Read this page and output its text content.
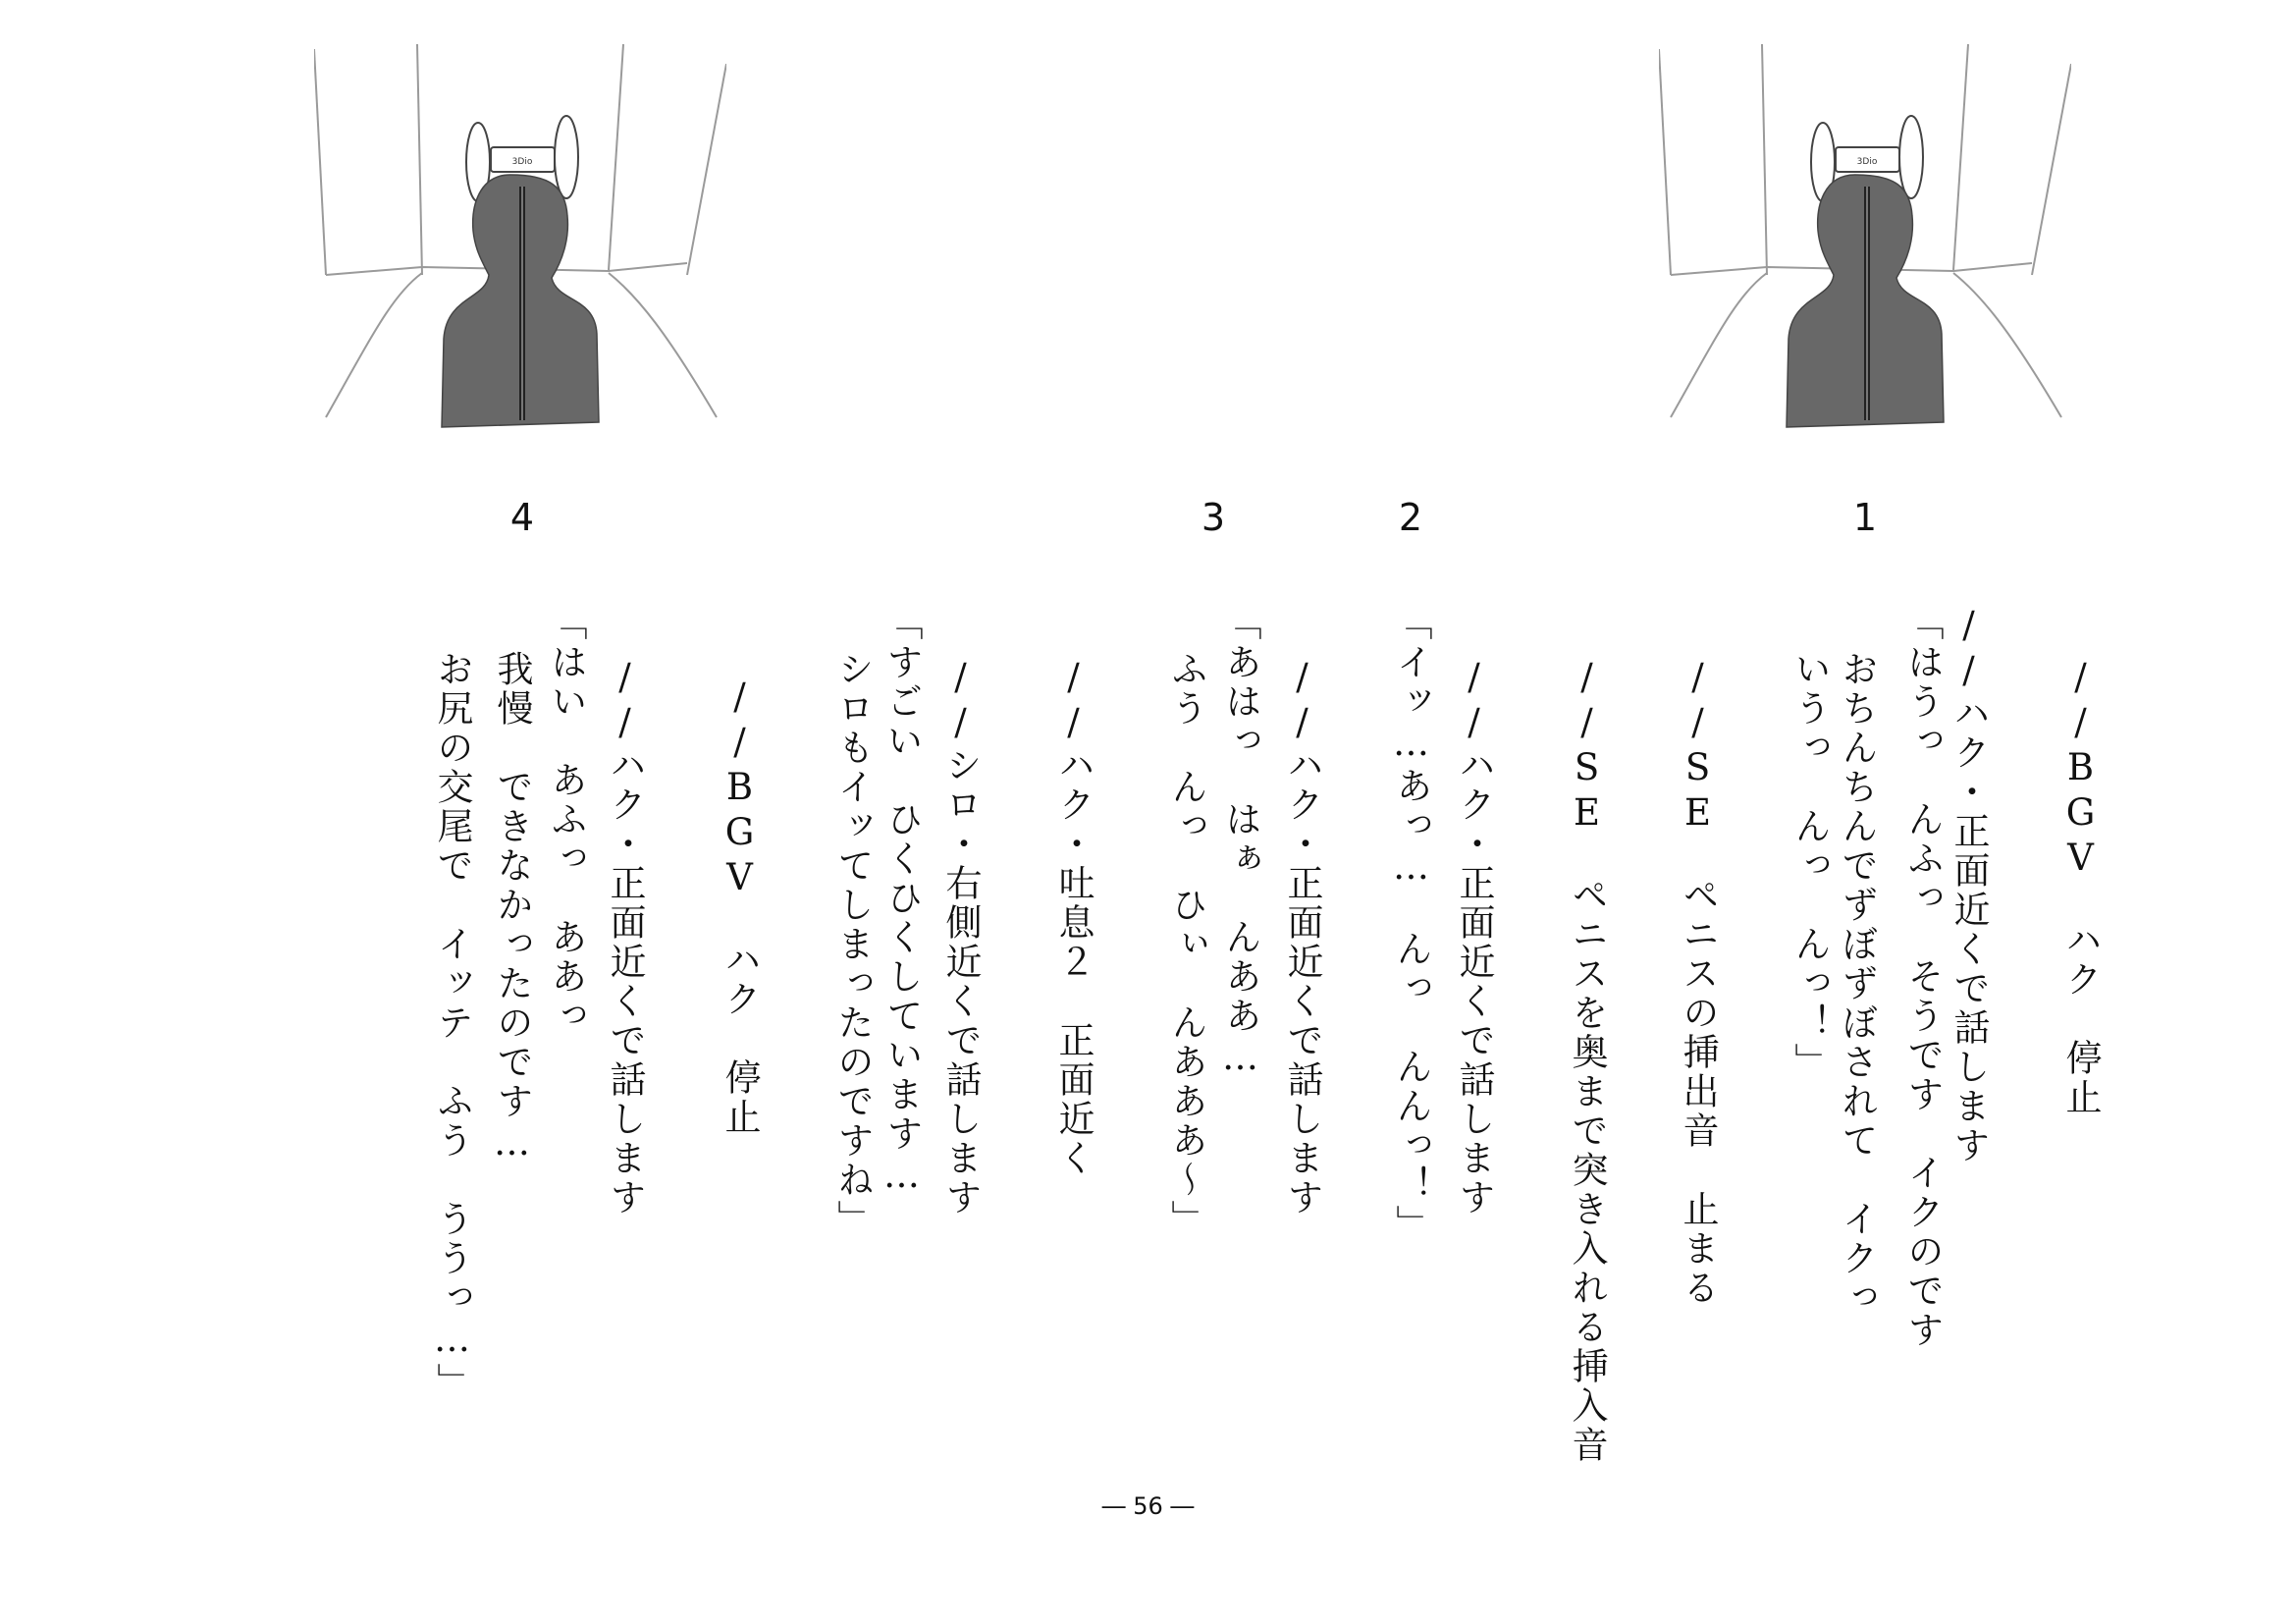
3Dio	3Dio
1
2
3
4
//BGV　ハク　停止
//ハク・正面近くで話します
「はうっ　んふっ　そうです　イクのです
おちんちんでずぼずぼされて　イクっ
いうっ　んっ　んっ！」
//SE　ペニスの挿出音　止まる
//SE　ペニスを奥まで突き入れる挿入音
//ハク・正面近くで話します
「イッ…あっ…　んっ　んんっ！」
//ハク・正面近くで話します
「あはっ　はぁ　んああ…
ふう　んっ　ひぃ　んあああ～」
//ハク・吐息２　正面近く
//シロ・右側近くで話します
「すごい　ひくひくしています…
シロもイッてしまったのですね」
//BGV　ハク　停止
//ハク・正面近くで話します
「はい　あふっ　ああっ
我慢　できなかったのです…
お尻の交尾で　イッテ　ふう　ううっ…」
― 56 ―
